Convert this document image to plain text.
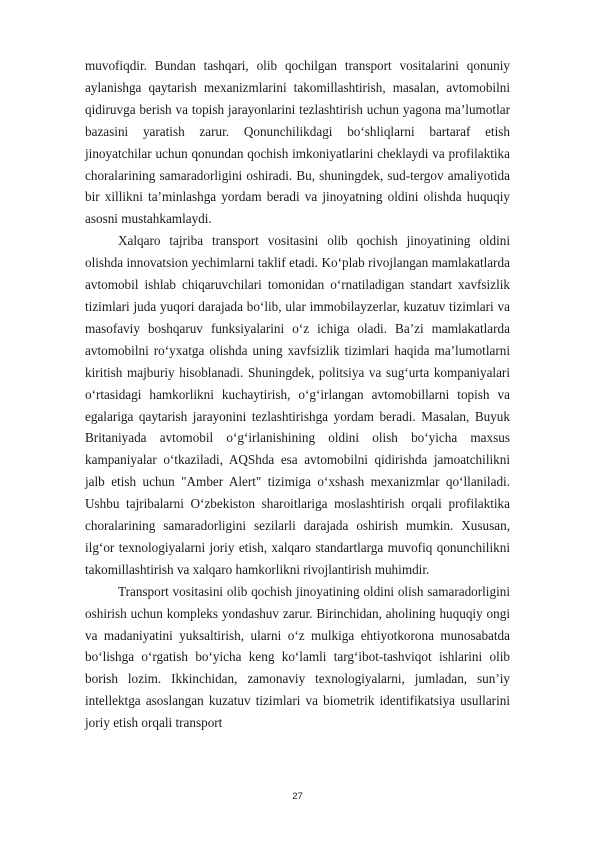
muvofiqdir. Bundan tashqari, olib qochilgan transport vositalarini qonuniy aylanishga qaytarish mexanizmlarini takomillashtirish, masalan, avtomobilni qidiruvga berish va topish jarayonlarini tezlashtirish uchun yagona ma’lumotlar bazasini yaratish zarur. Qonunchilikdagi bo‘shliqlarni bartaraf etish jinoyatchilar uchun qonundan qochish imkoniyatlarini cheklaydi va profilaktika choralarining samaradorligini oshiradi. Bu, shuningdek, sud-tergov amaliyotida bir xillikni ta’minlashga yordam beradi va jinoyatning oldini olishda huquqiy asosni mustahkamlaydi.

Xalqaro tajriba transport vositasini olib qochish jinoyatining oldini olishda innovatsion yechimlarni taklif etadi. Ko‘plab rivojlangan mamlakatlarda avtomobil ishlab chiqaruvchilari tomonidan o‘rnatiladigan standart xavfsizlik tizimlari juda yuqori darajada bo‘lib, ular immobilayzerlar, kuzatuv tizimlari va masofaviy boshqaruv funksiyalarini o‘z ichiga oladi. Ba’zi mamlakatlarda avtomobilni ro‘yxatga olishda uning xavfsizlik tizimlari haqida ma’lumotlarni kiritish majburiy hisoblanadi. Shuningdek, politsiya va sug‘urta kompaniyalari o‘rtasidagi hamkorlikni kuchaytirish, o‘g‘irlangan avtomobillarni topish va egalariga qaytarish jarayonini tezlashtirishga yordam beradi. Masalan, Buyuk Britaniyada avtomobil o‘g‘irlanishining oldini olish bo‘yicha maxsus kampaniyalar o‘tkaziladi, AQShda esa avtomobilni qidirishda jamoatchilikni jalb etish uchun "Amber Alert" tizimiga o‘xshash mexanizmlar qo‘llaniladi. Ushbu tajribalarni O‘zbekiston sharoitlariga moslashtirish orqali profilaktika choralarining samaradorligini sezilarli darajada oshirish mumkin. Xususan, ilg‘or texnologiyalarni joriy etish, xalqaro standartlarga muvofiq qonunchilikni takomillashtirish va xalqaro hamkorlikni rivojlantirish muhimdir.

Transport vositasini olib qochish jinoyatining oldini olish samaradorligini oshirish uchun kompleks yondashuv zarur. Birinchidan, aholining huquqiy ongi va madaniyatini yuksaltirish, ularni o‘z mulkiga ehtiyotkorona munosabatda bo‘lishga o‘rgatish bo‘yicha keng ko‘lamli targ‘ibot-tashviqot ishlarini olib borish lozim. Ikkinchidan, zamonaviy texnologiyalarni, jumladan, sun’iy intellektga asoslangan kuzatuv tizimlari va biometrik identifikatsiya usullarini joriy etish orqali transport

27
